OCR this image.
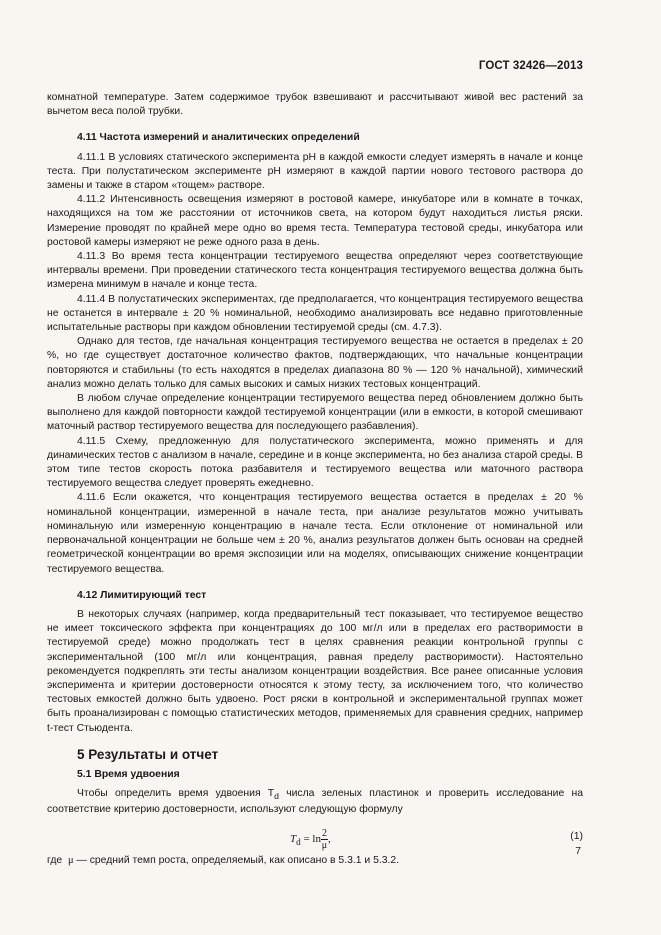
ГОСТ 32426—2013

комнатной температуре. Затем содержимое трубок взвешивают и рассчитывают живой вес растений за вычетом веса полой трубки.

4.11 Частота измерений и аналитических определений

4.11.1 В условиях статического эксперимента pH в каждой емкости следует измерять в начале и конце теста. При полустатическом эксперименте pH измеряют в каждой партии нового тестового раствора до замены и также в старом «тощем» растворе.

4.11.2 Интенсивность освещения измеряют в ростовой камере, инкубаторе или в комнате в точках, находящихся на том же расстоянии от источников света, на котором будут находиться листья ряски. Измерение проводят по крайней мере одно во время теста. Температура тестовой среды, инкубатора или ростовой камеры измеряют не реже одного раза в день.

4.11.3 Во время теста концентрации тестируемого вещества определяют через соответствующие интервалы времени. При проведении статического теста концентрация тестируемого вещества должна быть измерена минимум в начале и конце теста.

4.11.4 В полустатических экспериментах, где предполагается, что концентрация тестируемого вещества не останется в интервале ± 20 % номинальной, необходимо анализировать все недавно приготовленные испытательные растворы при каждом обновлении тестируемой среды (см. 4.7.3).

Однако для тестов, где начальная концентрация тестируемого вещества не остается в пределах ± 20 %, но где существует достаточное количество фактов, подтверждающих, что начальные концентрации повторяются и стабильны (то есть находятся в пределах диапазона 80 % — 120 % начальной), химический анализ можно делать только для самых высоких и самых низких тестовых концентраций.

В любом случае определение концентрации тестируемого вещества перед обновлением должно быть выполнено для каждой повторности каждой тестируемой концентрации (или в емкости, в которой смешивают маточный раствор тестируемого вещества для последующего разбавления).

4.11.5 Схему, предложенную для полустатического эксперимента, можно применять и для динамических тестов с анализом в начале, середине и в конце эксперимента, но без анализа старой среды. В этом типе тестов скорость потока разбавителя и тестируемого вещества или маточного раствора тестируемого вещества следует проверять ежедневно.

4.11.6 Если окажется, что концентрация тестируемого вещества остается в пределах ± 20 % номинальной концентрации, измеренной в начале теста, при анализе результатов можно учитывать номинальную или измеренную концентрацию в начале теста. Если отклонение от номинальной или первоначальной концентрации не больше чем ± 20 %, анализ результатов должен быть основан на средней геометрической концентрации во время экспозиции или на моделях, описывающих снижение концентрации тестируемого вещества.

4.12 Лимитирующий тест

В некоторых случаях (например, когда предварительный тест показывает, что тестируемое вещество не имеет токсического эффекта при концентрациях до 100 мг/л или в пределах его растворимости в тестируемой среде) можно продолжать тест в целях сравнения реакции контрольной группы с экспериментальной (100 мг/л или концентрация, равная пределу растворимости). Настоятельно рекомендуется подкреплять эти тесты анализом концентрации воздействия. Все ранее описанные условия эксперимента и критерии достоверности относятся к этому тесту, за исключением того, что количество тестовых емкостей должно быть удвоено. Рост ряски в контрольной и экспериментальной группах может быть проанализирован с помощью статистических методов, применяемых для сравнения средних, например t-тест Стьюдента.

5 Результаты и отчет
5.1 Время удвоения

Чтобы определить время удвоения $T_d$ числа зеленых пластинок и проверить исследование на соответствие критерию достоверности, используют следующую формулу

$T_d = \ln \frac{2}{\mu}$ ,	(1)

где μ — средний темп роста, определяемый, как описано в 5.3.1 и 5.3.2.

7
